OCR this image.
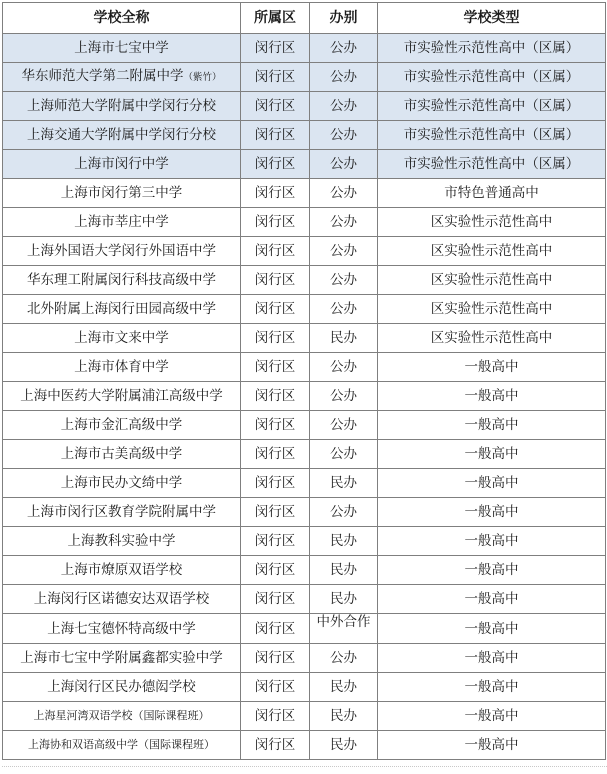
学校全称	所属区	办别	学校类型
上海市七宝中学	闵行区	公办	市实验性示范性高中（区属）
华东师范大学第二附属中学（紫竹）	闵行区	公办	市实验性示范性高中（区属）
上海师范大学附属中学闵行分校	闵行区	公办	市实验性示范性高中（区属）
上海交通大学附属中学闵行分校	闵行区	公办	市实验性示范性高中（区属）
上海市闵行中学	闵行区	公办	市实验性示范性高中（区属）
上海市闵行第三中学	闵行区	公办	市特色普通高中
上海市莘庄中学	闵行区	公办	区实验性示范性高中
上海外国语大学闵行外国语中学	闵行区	公办	区实验性示范性高中
华东理工附属闵行科技高级中学	闵行区	公办	区实验性示范性高中
北外附属上海闵行田园高级中学	闵行区	公办	区实验性示范性高中
上海市文来中学	闵行区	民办	区实验性示范性高中
上海市体育中学	闵行区	公办	一般高中
上海中医药大学附属浦江高级中学	闵行区	公办	一般高中
上海市金汇高级中学	闵行区	公办	一般高中
上海市古美高级中学	闵行区	公办	一般高中
上海市民办文绮中学	闵行区	民办	一般高中
上海市闵行区教育学院附属中学	闵行区	公办	一般高中
上海教科实验中学	闵行区	民办	一般高中
上海市燎原双语学校	闵行区	民办	一般高中
上海闵行区诺德安达双语学校	闵行区	民办	一般高中
上海七宝德怀特高级中学	闵行区	中外合作	一般高中
上海市七宝中学附属鑫都实验中学	闵行区	公办	一般高中
上海闵行区民办德闳学校	闵行区	民办	一般高中
上海星河湾双语学校（国际课程班）	闵行区	民办	一般高中
上海协和双语高级中学（国际课程班）	闵行区	民办	一般高中
